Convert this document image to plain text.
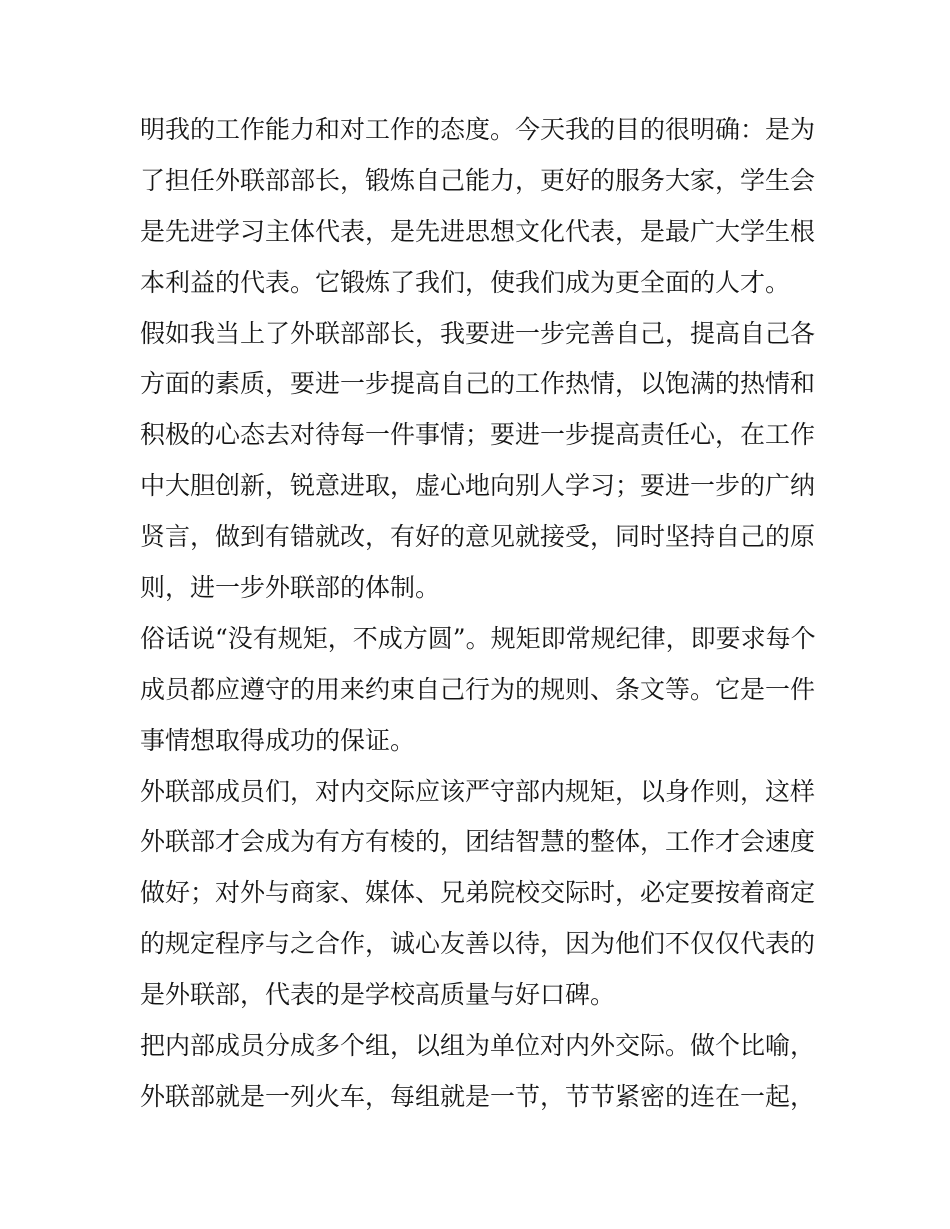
明我的工作能力和对工作的态度。今天我的目的很明确：是为
了担任外联部部长，锻炼自己能力，更好的服务大家，学生会
是先进学习主体代表，是先进思想文化代表，是最广大学生根
本利益的代表。它锻炼了我们，使我们成为更全面的人才。
假如我当上了外联部部长，我要进一步完善自己，提高自己各
方面的素质，要进一步提高自己的工作热情，以饱满的热情和
积极的心态去对待每一件事情；要进一步提高责任心，在工作
中大胆创新，锐意进取，虚心地向别人学习；要进一步的广纳
贤言，做到有错就改，有好的意见就接受，同时坚持自己的原
则，进一步外联部的体制。
俗话说“没有规矩，不成方圆”。规矩即常规纪律，即要求每个
成员都应遵守的用来约束自己行为的规则、条文等。它是一件
事情想取得成功的保证。
外联部成员们，对内交际应该严守部内规矩，以身作则，这样
外联部才会成为有方有棱的，团结智慧的整体，工作才会速度
做好；对外与商家、媒体、兄弟院校交际时，必定要按着商定
的规定程序与之合作，诚心友善以待，因为他们不仅仅代表的
是外联部，代表的是学校高质量与好口碑。
把内部成员分成多个组，以组为单位对内外交际。做个比喻，
外联部就是一列火车，每组就是一节，节节紧密的连在一起，
